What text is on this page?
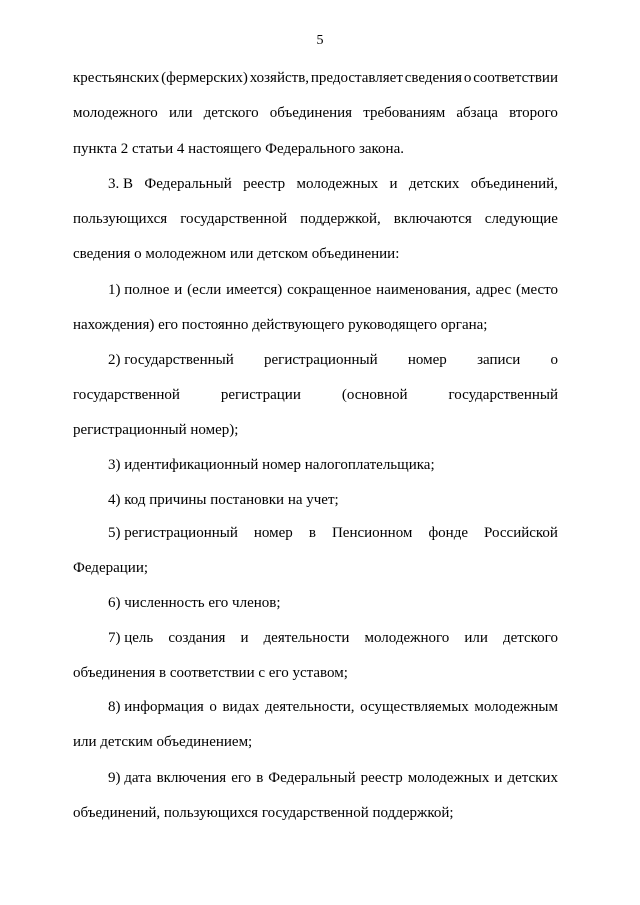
5
крестьянских (фермерских) хозяйств, предоставляет сведения о соответствии
молодежного или детского объединения требованиям абзаца второго
пункта 2 статьи 4 настоящего Федерального закона.
3. В Федеральный реестр молодежных и детских объединений,
пользующихся государственной поддержкой, включаются следующие
сведения о молодежном или детском объединении:
1) полное и (если имеется) сокращенное наименования, адрес (место
нахождения) его постоянно действующего руководящего органа;
2) государственный регистрационный номер записи о
государственной	регистрации	(основной	государственный
регистрационный номер);
3) идентификационный номер налогоплательщика;
4) код причины постановки на учет;
5) регистрационный номер в Пенсионном фонде Российской
Федерации;
6) численность его членов;
7) цель создания и деятельности молодежного или детского
объединения в соответствии с его уставом;
8) информация о видах деятельности, осуществляемых молодежным
или детским объединением;
9) дата включения его в Федеральный реестр молодежных и детских
объединений, пользующихся государственной поддержкой;
